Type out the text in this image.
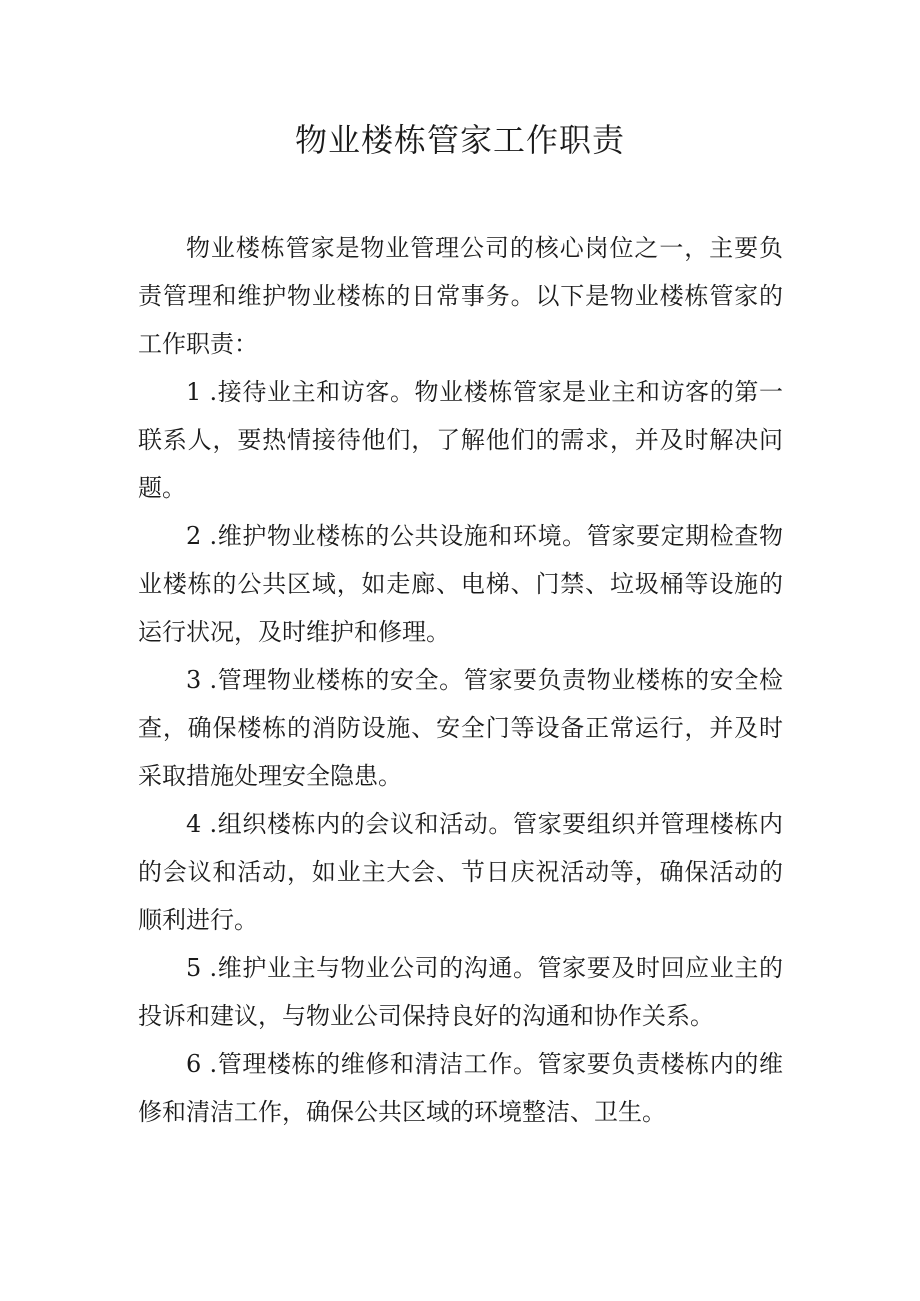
物业楼栋管家工作职责

物业楼栋管家是物业管理公司的核心岗位之一，主要负责管理和维护物业楼栋的日常事务。以下是物业楼栋管家的工作职责：

1 .接待业主和访客。物业楼栋管家是业主和访客的第一联系人，要热情接待他们，了解他们的需求，并及时解决问题。

2 .维护物业楼栋的公共设施和环境。管家要定期检查物业楼栋的公共区域，如走廊、电梯、门禁、垃圾桶等设施的运行状况，及时维护和修理。

3 .管理物业楼栋的安全。管家要负责物业楼栋的安全检查，确保楼栋的消防设施、安全门等设备正常运行，并及时采取措施处理安全隐患。

4 .组织楼栋内的会议和活动。管家要组织并管理楼栋内的会议和活动，如业主大会、节日庆祝活动等，确保活动的顺利进行。

5 .维护业主与物业公司的沟通。管家要及时回应业主的投诉和建议，与物业公司保持良好的沟通和协作关系。

6 .管理楼栋的维修和清洁工作。管家要负责楼栋内的维修和清洁工作，确保公共区域的环境整洁、卫生。
